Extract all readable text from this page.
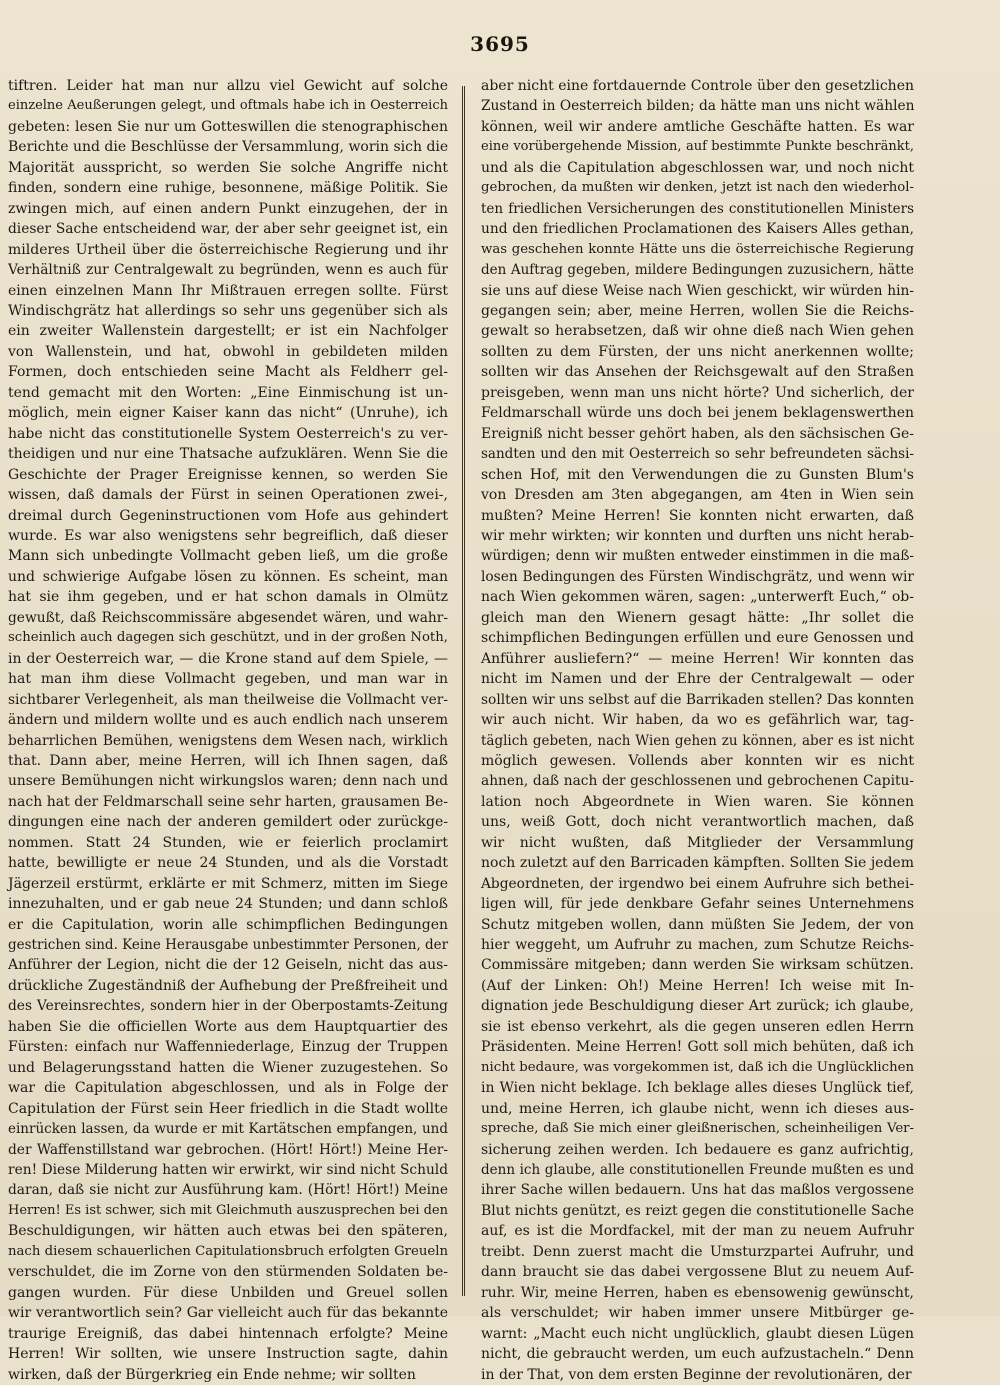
3695
tiftren. Leider hat man nur allzu viel Gewicht auf solche
einzelne Aeußerungen gelegt, und oftmals habe ich in Oesterreich
gebeten: lesen Sie nur um Gotteswillen die stenographischen
Berichte und die Beschlüsse der Versammlung, worin sich die
Majorität ausspricht, so werden Sie solche Angriffe nicht
finden, sondern eine ruhige, besonnene, mäßige Politik. Sie
zwingen mich, auf einen andern Punkt einzugehen, der in
dieser Sache entscheidend war, der aber sehr geeignet ist, ein
milderes Urtheil über die österreichische Regierung und ihr
Verhältniß zur Centralgewalt zu begründen, wenn es auch für
einen einzelnen Mann Ihr Mißtrauen erregen sollte. Fürst
Windischgrätz hat allerdings so sehr uns gegenüber sich als
ein zweiter Wallenstein dargestellt; er ist ein Nachfolger
von Wallenstein, und hat, obwohl in gebildeten milden
Formen, doch entschieden seine Macht als Feldherr gel-
tend gemacht mit den Worten: „Eine Einmischung ist un-
möglich, mein eigner Kaiser kann das nicht“ (Unruhe), ich
habe nicht das constitutionelle System Oesterreich's zu ver-
theidigen und nur eine Thatsache aufzuklären. Wenn Sie die
Geschichte der Prager Ereignisse kennen, so werden Sie
wissen, daß damals der Fürst in seinen Operationen zwei-,
dreimal durch Gegeninstructionen vom Hofe aus gehindert
wurde. Es war also wenigstens sehr begreiflich, daß dieser
Mann sich unbedingte Vollmacht geben ließ, um die große
und schwierige Aufgabe lösen zu können. Es scheint, man
hat sie ihm gegeben, und er hat schon damals in Olmütz
gewußt, daß Reichscommissäre abgesendet wären, und wahr-
scheinlich auch dagegen sich geschützt, und in der großen Noth,
in der Oesterreich war, — die Krone stand auf dem Spiele, —
hat man ihm diese Vollmacht gegeben, und man war in
sichtbarer Verlegenheit, als man theilweise die Vollmacht ver-
ändern und mildern wollte und es auch endlich nach unserem
beharrlichen Bemühen, wenigstens dem Wesen nach, wirklich
that. Dann aber, meine Herren, will ich Ihnen sagen, daß
unsere Bemühungen nicht wirkungslos waren; denn nach und
nach hat der Feldmarschall seine sehr harten, grausamen Be-
dingungen eine nach der anderen gemildert oder zurückge-
nommen. Statt 24 Stunden, wie er feierlich proclamirt
hatte, bewilligte er neue 24 Stunden, und als die Vorstadt
Jägerzeil erstürmt, erklärte er mit Schmerz, mitten im Siege
innezuhalten, und er gab neue 24 Stunden; und dann schloß
er die Capitulation, worin alle schimpflichen Bedingungen
gestrichen sind. Keine Herausgabe unbestimmter Personen, der
Anführer der Legion, nicht die der 12 Geiseln, nicht das aus-
drückliche Zugeständniß der Aufhebung der Preßfreiheit und
des Vereinsrechtes, sondern hier in der Oberpostamts-Zeitung
haben Sie die officiellen Worte aus dem Hauptquartier des
Fürsten: einfach nur Waffenniederlage, Einzug der Truppen
und Belagerungsstand hatten die Wiener zuzugestehen. So
war die Capitulation abgeschlossen, und als in Folge der
Capitulation der Fürst sein Heer friedlich in die Stadt wollte
einrücken lassen, da wurde er mit Kartätschen empfangen, und
der Waffenstillstand war gebrochen. (Hört! Hört!) Meine Her-
ren! Diese Milderung hatten wir erwirkt, wir sind nicht Schuld
daran, daß sie nicht zur Ausführung kam. (Hört! Hört!) Meine
Herren! Es ist schwer, sich mit Gleichmuth auszusprechen bei den
Beschuldigungen, wir hätten auch etwas bei den späteren,
nach diesem schauerlichen Capitulationsbruch erfolgten Greueln
verschuldet, die im Zorne von den stürmenden Soldaten be-
gangen wurden. Für diese Unbilden und Greuel sollen
wir verantwortlich sein? Gar vielleicht auch für das bekannte
traurige Ereigniß, das dabei hintennach erfolgte? Meine
Herren! Wir sollten, wie unsere Instruction sagte, dahin
wirken, daß der Bürgerkrieg ein Ende nehme; wir sollten
aber nicht eine fortdauernde Controle über den gesetzlichen
Zustand in Oesterreich bilden; da hätte man uns nicht wählen
können, weil wir andere amtliche Geschäfte hatten. Es war
eine vorübergehende Mission, auf bestimmte Punkte beschränkt,
und als die Capitulation abgeschlossen war, und noch nicht
gebrochen, da mußten wir denken, jetzt ist nach den wiederhol-
ten friedlichen Versicherungen des constitutionellen Ministers
und den friedlichen Proclamationen des Kaisers Alles gethan,
was geschehen konnte Hätte uns die österreichische Regierung
den Auftrag gegeben, mildere Bedingungen zuzusichern, hätte
sie uns auf diese Weise nach Wien geschickt, wir würden hin-
gegangen sein; aber, meine Herren, wollen Sie die Reichs-
gewalt so herabsetzen, daß wir ohne dieß nach Wien gehen
sollten zu dem Fürsten, der uns nicht anerkennen wollte;
sollten wir das Ansehen der Reichsgewalt auf den Straßen
preisgeben, wenn man uns nicht hörte? Und sicherlich, der
Feldmarschall würde uns doch bei jenem beklagenswerthen
Ereigniß nicht besser gehört haben, als den sächsischen Ge-
sandten und den mit Oesterreich so sehr befreundeten sächsi-
schen Hof, mit den Verwendungen die zu Gunsten Blum's
von Dresden am 3ten abgegangen, am 4ten in Wien sein
mußten? Meine Herren! Sie konnten nicht erwarten, daß
wir mehr wirkten; wir konnten und durften uns nicht herab-
würdigen; denn wir mußten entweder einstimmen in die maß-
losen Bedingungen des Fürsten Windischgrätz, und wenn wir
nach Wien gekommen wären, sagen: „unterwerft Euch,“ ob-
gleich man den Wienern gesagt hätte: „Ihr sollet die
schimpflichen Bedingungen erfüllen und eure Genossen und
Anführer ausliefern?“ — meine Herren! Wir konnten das
nicht im Namen und der Ehre der Centralgewalt — oder
sollten wir uns selbst auf die Barrikaden stellen? Das konnten
wir auch nicht. Wir haben, da wo es gefährlich war, tag-
täglich gebeten, nach Wien gehen zu können, aber es ist nicht
möglich gewesen. Vollends aber konnten wir es nicht
ahnen, daß nach der geschlossenen und gebrochenen Capitu-
lation noch Abgeordnete in Wien waren. Sie können
uns, weiß Gott, doch nicht verantwortlich machen, daß
wir nicht wußten, daß Mitglieder der Versammlung
noch zuletzt auf den Barricaden kämpften. Sollten Sie jedem
Abgeordneten, der irgendwo bei einem Aufruhre sich bethei-
ligen will, für jede denkbare Gefahr seines Unternehmens
Schutz mitgeben wollen, dann müßten Sie Jedem, der von
hier weggeht, um Aufruhr zu machen, zum Schutze Reichs-
Commissäre mitgeben; dann werden Sie wirksam schützen.
(Auf der Linken: Oh!) Meine Herren! Ich weise mit In-
dignation jede Beschuldigung dieser Art zurück; ich glaube,
sie ist ebenso verkehrt, als die gegen unseren edlen Herrn
Präsidenten. Meine Herren! Gott soll mich behüten, daß ich
nicht bedaure, was vorgekommen ist, daß ich die Unglücklichen
in Wien nicht beklage. Ich beklage alles dieses Unglück tief,
und, meine Herren, ich glaube nicht, wenn ich dieses aus-
spreche, daß Sie mich einer gleißnerischen, scheinheiligen Ver-
sicherung zeihen werden. Ich bedauere es ganz aufrichtig,
denn ich glaube, alle constitutionellen Freunde mußten es und
ihrer Sache willen bedauern. Uns hat das maßlos vergossene
Blut nichts genützt, es reizt gegen die constitutionelle Sache
auf, es ist die Mordfackel, mit der man zu neuem Aufruhr
treibt. Denn zuerst macht die Umsturzpartei Aufruhr, und
dann braucht sie das dabei vergossene Blut zu neuem Auf-
ruhr. Wir, meine Herren, haben es ebensowenig gewünscht,
als verschuldet; wir haben immer unsere Mitbürger ge-
warnt: „Macht euch nicht unglücklich, glaubt diesen Lügen
nicht, die gebraucht werden, um euch aufzustacheln.“ Denn
in der That, von dem ersten Beginne der revolutionären, der
